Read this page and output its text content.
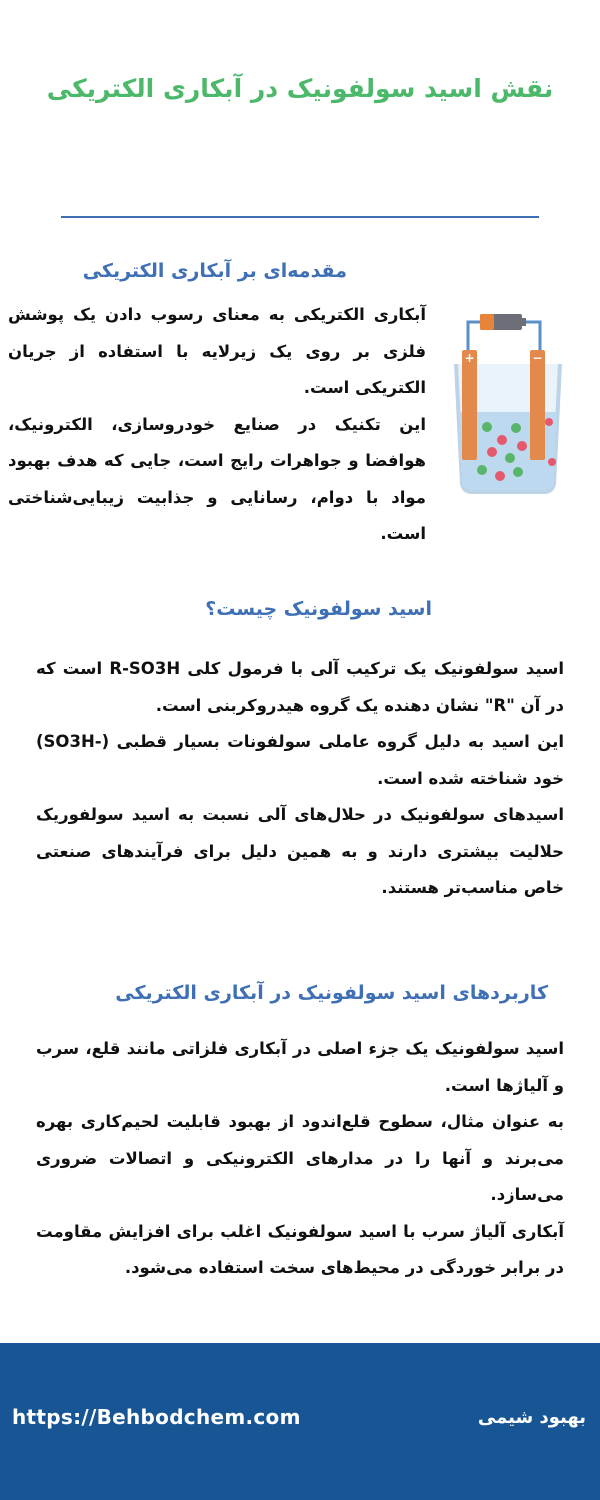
نقش اسید سولفونیک در آبکاری الکتریکی
مقدمه‌ای بر آبکاری الکتریکی

آبکاری الکتریکی به معنای رسوب دادن یک پوشش فلزی بر روی یک زیرلایه با استفاده از جریان الکتریکی است.

این تکنیک در صنایع خودروسازی، الکترونیک، هوافضا و جواهرات رایج است، جایی که هدف بهبود مواد با دوام، رسانایی و جذابیت زیبایی‌شناختی است.

+	−
اسید سولفونیک چیست؟

اسید سولفونیک یک ترکیب آلی با فرمول کلی R-SO3H است که در آن "R" نشان دهنده یک گروه هیدروکربنی است.

این اسید به دلیل گروه عاملی سولفونات بسیار قطبی (-SO3H) خود شناخته شده است.

اسیدهای سولفونیک در حلال‌های آلی نسبت به اسید سولفوریک حلالیت بیشتری دارند و به همین دلیل برای فرآیندهای صنعتی خاص مناسب‌تر هستند.

کاربردهای اسید سولفونیک در آبکاری الکتریکی

اسید سولفونیک یک جزء اصلی در آبکاری فلزاتی مانند قلع، سرب و آلیاژها است.

به عنوان مثال، سطوح قلع‌اندود از بهبود قابلیت لحیم‌کاری بهره می‌برند و آنها را در مدارهای الکترونیکی و اتصالات ضروری می‌سازد.

آبکاری آلیاژ سرب با اسید سولفونیک اغلب برای افزایش مقاومت در برابر خوردگی در محیط‌های سخت استفاده می‌شود.

https://Behbodchem.com	بهبود شیمی
